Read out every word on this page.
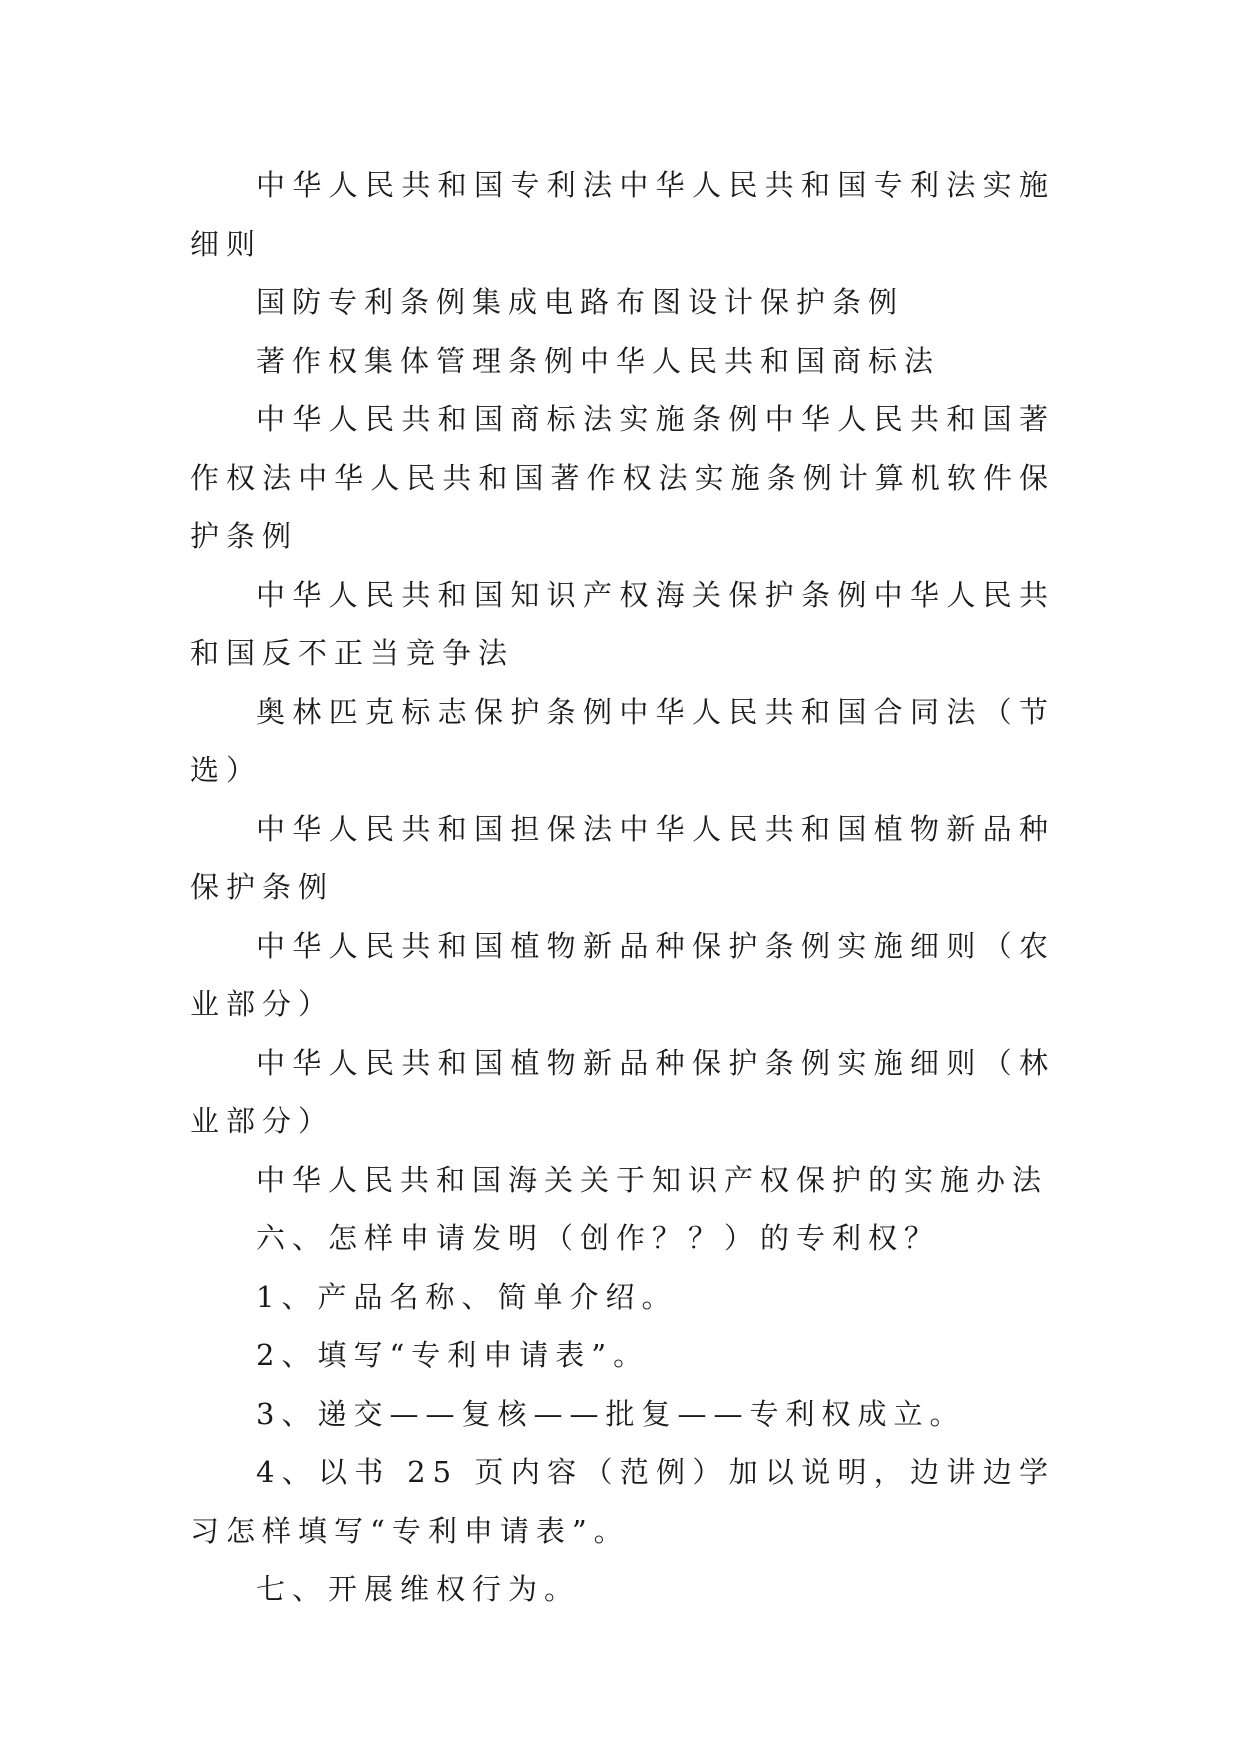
中华人民共和国专利法中华人民共和国专利法实施细则

国防专利条例集成电路布图设计保护条例

著作权集体管理条例中华人民共和国商标法

中华人民共和国商标法实施条例中华人民共和国著作权法中华人民共和国著作权法实施条例计算机软件保护条例

中华人民共和国知识产权海关保护条例中华人民共和国反不正当竞争法

奥林匹克标志保护条例中华人民共和国合同法（节选）

中华人民共和国担保法中华人民共和国植物新品种保护条例

中华人民共和国植物新品种保护条例实施细则（农业部分）

中华人民共和国植物新品种保护条例实施细则（林业部分）

中华人民共和国海关关于知识产权保护的实施办法

六、怎样申请发明（创作？？）的专利权？

1、产品名称、简单介绍。

2、填写“专利申请表”。

3、递交——复核——批复——专利权成立。

4、以书 25 页内容（范例）加以说明，边讲边学习怎样填写“专利申请表”。

七、开展维权行为。
